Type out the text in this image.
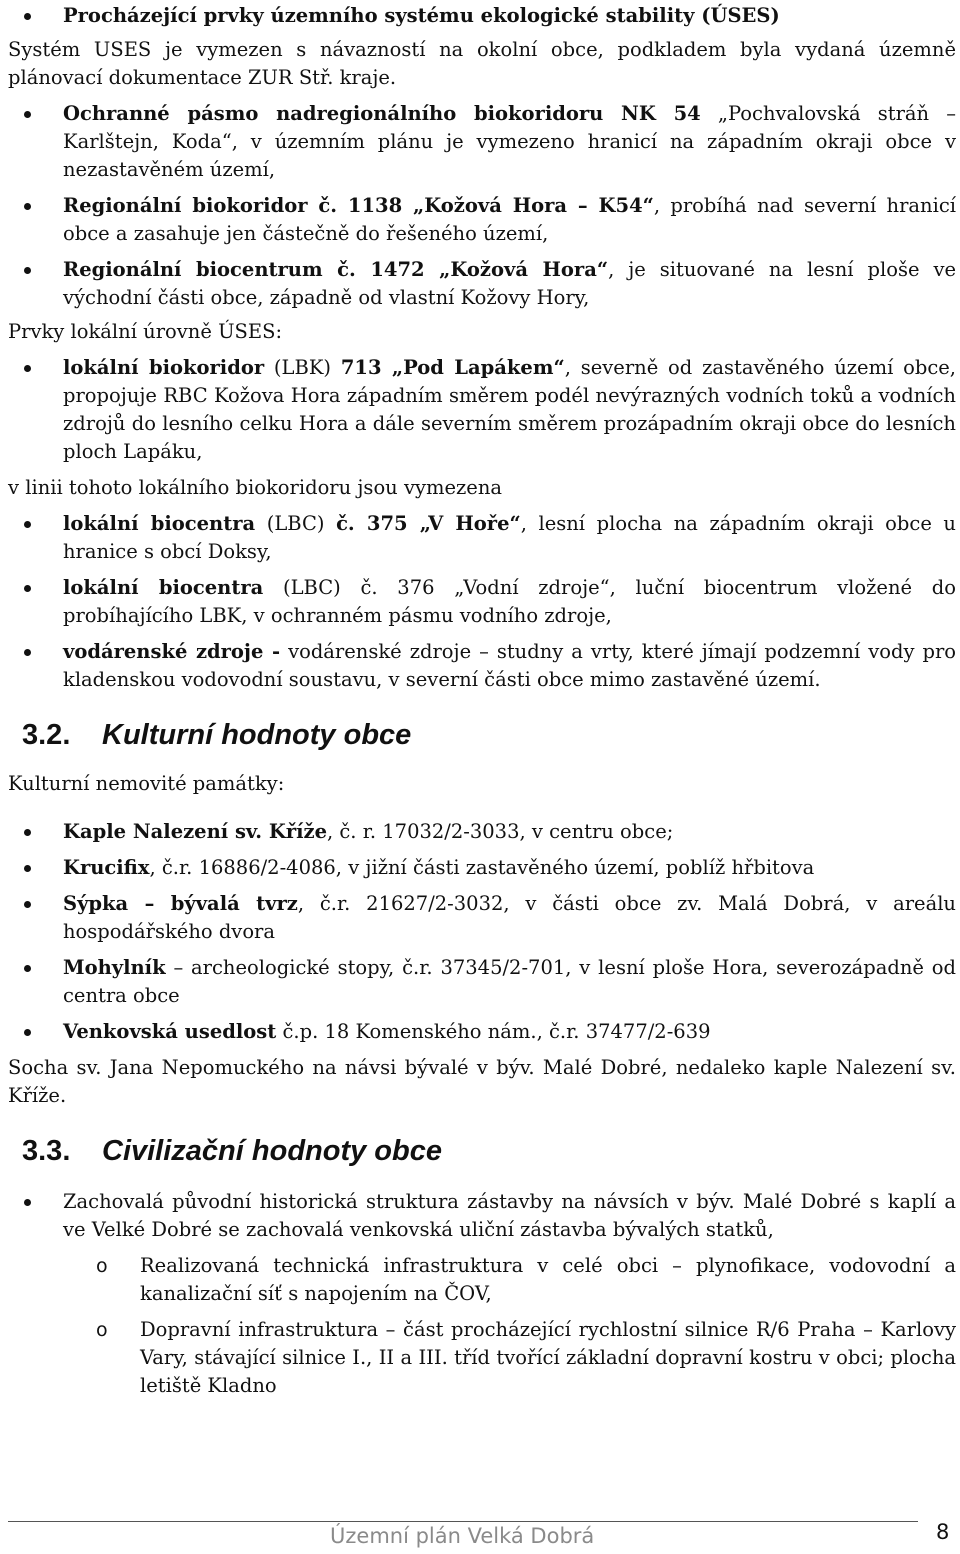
Procházející prvky územního systému ekologické stability (ÚSES)

Systém USES je vymezen s návazností na okolní obce, podkladem byla vydaná územně plánovací dokumentace ZUR Stř. kraje.

Ochranné pásmo nadregionálního biokoridoru NK 54 „Pochvalovská stráň – Karlštejn, Koda“, v územním plánu je vymezeno hranicí na západním okraji obce v nezastavěném území,
Regionální biokoridor č. 1138 „Kožová Hora – K54“, probíhá nad severní hranicí obce a zasahuje jen částečně do řešeného území,
Regionální biocentrum č. 1472 „Kožová Hora“, je situované na lesní ploše ve východní části obce, západně od vlastní Kožovy Hory,

Prvky lokální úrovně ÚSES:

lokální biokoridor (LBK) 713 „Pod Lapákem“, severně od zastavěného území obce, propojuje RBC Kožova Hora západním směrem podél nevýrazných vodních toků a vodních zdrojů do lesního celku Hora a dále severním směrem prozápadním okraji obce do lesních ploch Lapáku,

v linii tohoto lokálního biokoridoru jsou vymezena

lokální biocentra (LBC) č. 375 „V Hoře“, lesní plocha na západním okraji obce u hranice s obcí Doksy,
lokální biocentra (LBC) č. 376 „Vodní zdroje“, luční biocentrum vložené do probíhajícího LBK, v ochranném pásmu vodního zdroje,
vodárenské zdroje - vodárenské zdroje – studny a vrty, které jímají podzemní vody pro kladenskou vodovodní soustavu, v severní části obce mimo zastavěné území.
3.2. Kulturní hodnoty obce

Kulturní nemovité památky:

Kaple Nalezení sv. Kříže, č. r. 17032/2-3033, v centru obce;
Krucifix, č.r. 16886/2-4086, v jižní části zastavěného území, poblíž hřbitova
Sýpka – bývalá tvrz, č.r. 21627/2-3032, v části obce zv. Malá Dobrá, v areálu hospodářského dvora
Mohylník – archeologické stopy, č.r. 37345/2-701, v lesní ploše Hora, severozápadně od centra obce
Venkovská usedlost č.p. 18 Komenského nám., č.r. 37477/2-639

Socha sv. Jana Nepomuckého na návsi bývalé v býv. Malé Dobré, nedaleko kaple Nalezení sv. Kříže.

3.3. Civilizační hodnoty obce
Zachovalá původní historická struktura zástavby na návsích v býv. Malé Dobré s kaplí a ve Velké Dobré se zachovalá venkovská uliční zástavba bývalých statků,
o Realizovaná technická infrastruktura v celé obci – plynofikace, vodovodní a kanalizační síť s napojením na ČOV,
o Dopravní infrastruktura – část procházející rychlostní silnice R/6 Praha – Karlovy Vary, stávající silnice I., II a III. tříd tvořící základní dopravní kostru v obci; plocha letiště Kladno
Územní plán Velká Dobrá	8
